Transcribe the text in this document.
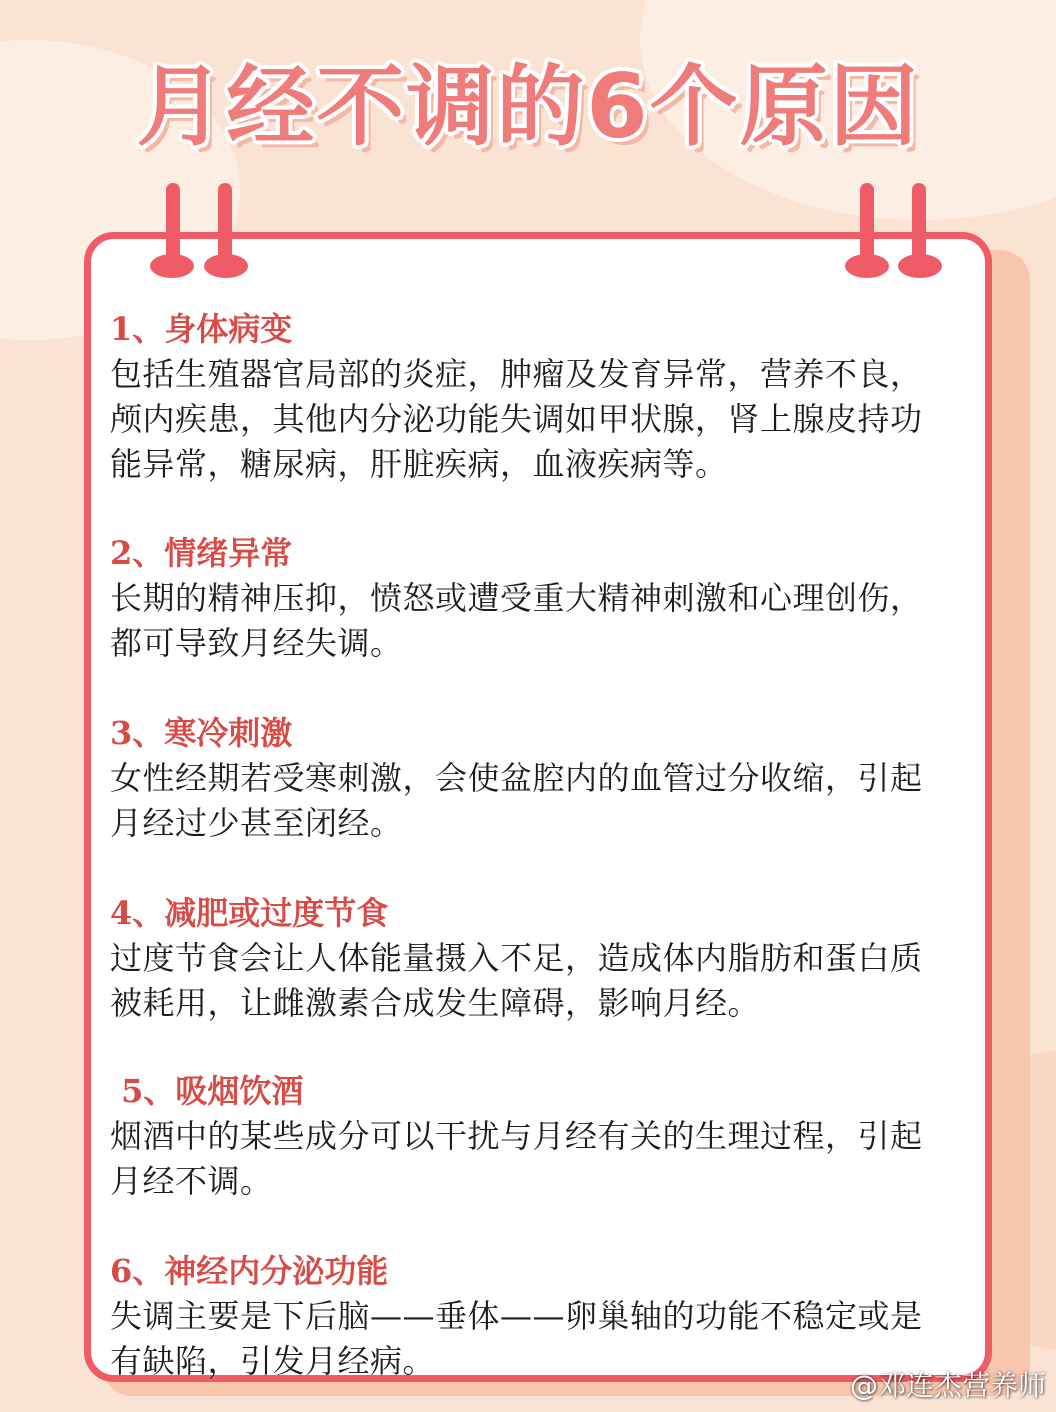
月经不调的6个原因
1、身体病变
包括生殖器官局部的炎症，肿瘤及发育异常，营养不良，
颅内疾患，其他内分泌功能失调如甲状腺，肾上腺皮持功
能异常，糖尿病，肝脏疾病，血液疾病等。
2、情绪异常
长期的精神压抑，愤怒或遭受重大精神刺激和心理创伤，
都可导致月经失调。
3、寒冷刺激
女性经期若受寒刺激，会使盆腔内的血管过分收缩，引起
月经过少甚至闭经。
4、减肥或过度节食
过度节食会让人体能量摄入不足，造成体内脂肪和蛋白质
被耗用，让雌激素合成发生障碍，影响月经。
5、吸烟饮酒
烟酒中的某些成分可以干扰与月经有关的生理过程，引起
月经不调。
6、神经内分泌功能
失调主要是下后脑——垂体——卵巢轴的功能不稳定或是
有缺陷，引发月经病。
@邓连杰营养师
